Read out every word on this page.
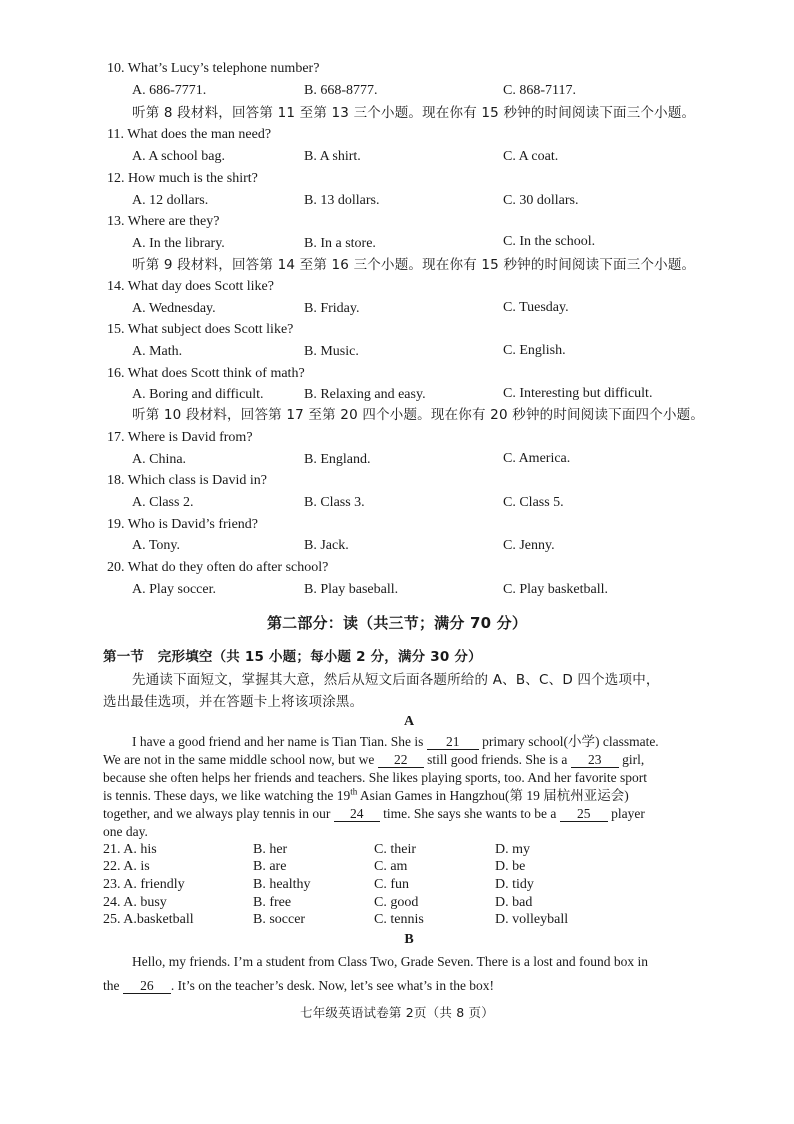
10. What’s Lucy’s telephone number?
A. 686-7771.	B. 668-8777.	C. 868-7117.
听第 8 段材料，回答第 11 至第 13 三个小题。现在你有 15 秒钟的时间阅读下面三个小题。
11. What does the man need?
A. A school bag.	B. A shirt.	C. A coat.
12. How much is the shirt?
A. 12 dollars.	B. 13 dollars.	C. 30 dollars.
13. Where are they?
A. In the library.	B. In a store.	C. In the school.
听第 9 段材料，回答第 14 至第 16 三个小题。现在你有 15 秒钟的时间阅读下面三个小题。
14. What day does Scott like?
A. Wednesday.	B. Friday.	C. Tuesday.
15. What subject does Scott like?
A. Math.	B. Music.	C. English.
16. What does Scott think of math?
A. Boring and difficult.	B. Relaxing and easy.	C. Interesting but difficult.
听第 10 段材料，回答第 17 至第 20 四个小题。现在你有 20 秒钟的时间阅读下面四个小题。
17. Where is David from?
A. China.	B. England.	C. America.
18. Which class is David in?
A. Class 2.	B. Class 3.	C. Class 5.
19. Who is David’s friend?
A. Tony.	B. Jack.	C. Jenny.
20. What do they often do after school?
A. Play soccer.	B. Play baseball.	C. Play basketball.
第二部分：读（共三节；满分 70 分）
第一节　完形填空（共 15 小题；每小题 2 分，满分 30 分）
先通读下面短文，掌握其大意，然后从短文后面各题所给的 A、B、C、D 四个选项中，
选出最佳选项，并在答题卡上将该项涂黑。
A
I have a good friend and her name is Tian Tian. She is 21 primary school(小学) classmate.
We are not in the same middle school now, but we 22 still good friends. She is a 23 girl,
because she often helps her friends and teachers. She likes playing sports, too. And her favorite sport
is tennis. These days, we like watching the 19th Asian Games in Hangzhou(第 19 届杭州亚运会)
together, and we always play tennis in our 24 time. She says she wants to be a 25 player
one day.
21. A. his	B. her	C. their	D. my
22. A. is	B. are	C. am	D. be
23. A. friendly	B. healthy	C. fun	D. tidy
24. A. busy	B. free	C. good	D. bad
25. A.basketball	B. soccer	C. tennis	D. volleyball
B
Hello, my friends. I’m a student from Class Two, Grade Seven. There is a lost and found box in
the 26 . It’s on the teacher’s desk. Now, let’s see what’s in the box!
七年级英语试卷第 2页（共 8 页）
